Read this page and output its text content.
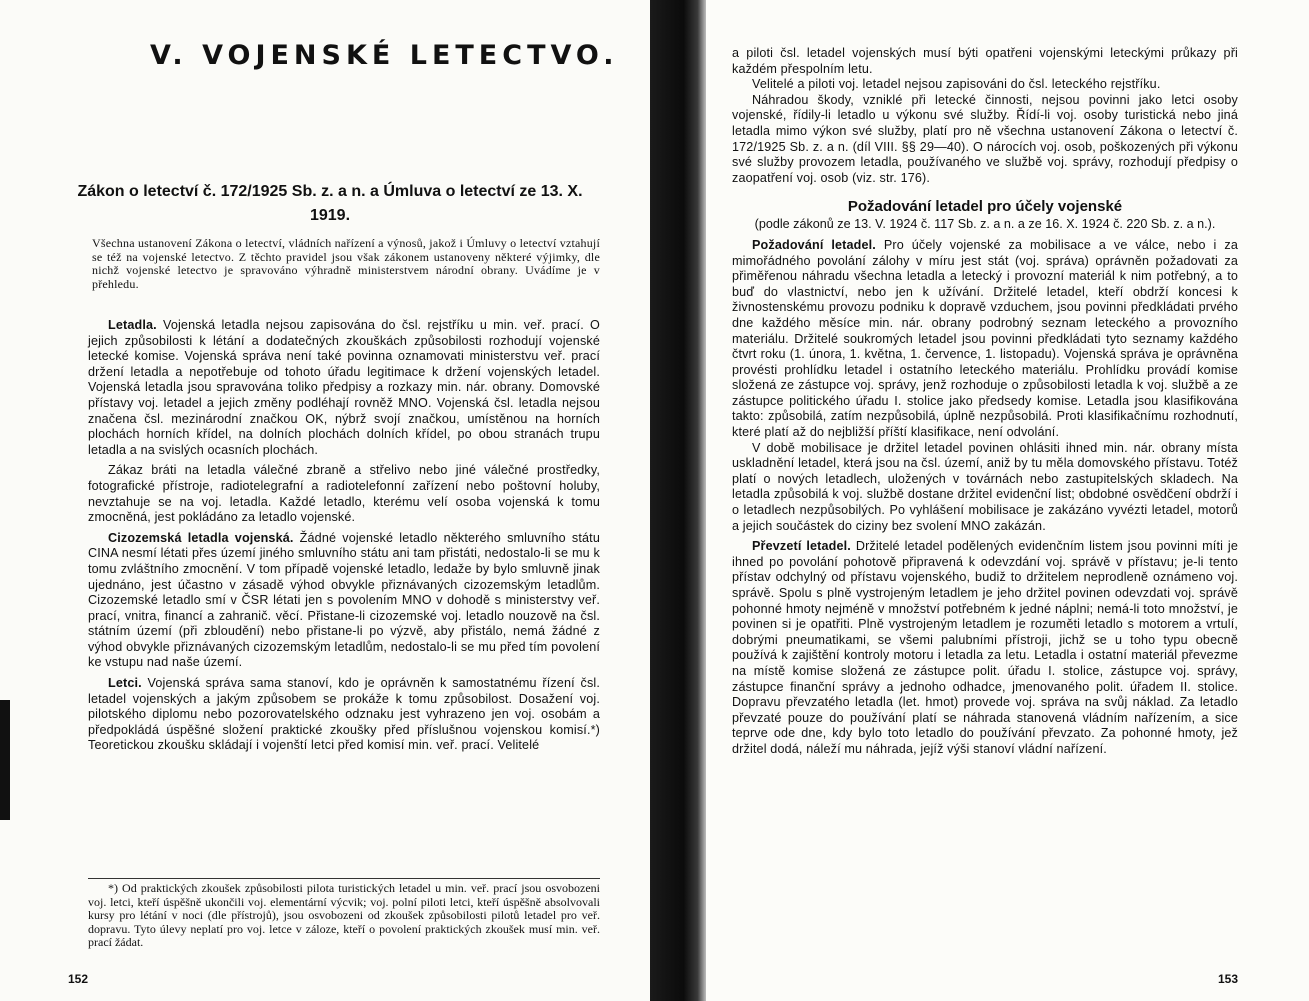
V. VOJENSKÉ LETECTVO.
Zákon o letectví č. 172/1925 Sb. z. a n. a Úmluva o letectví ze 13. X. 1919.
Všechna ustanovení Zákona o letectví, vládních nařízení a výnosů, jakož i Úmluvy o letectví vztahují se též na vojenské letectvo. Z těchto pravidel jsou však zákonem ustanoveny některé výjimky, dle nichž vojenské letectvo je spravováno výhradně ministerstvem národní obrany. Uvádíme je v přehledu.

Letadla. Vojenská letadla nejsou zapisována do čsl. rejstříku u min. veř. prací. O jejich způsobilosti k létání a dodatečných zkouškách způsobilosti rozhodují vojenské letecké komise. Vojenská správa není také povinna oznamovati ministerstvu veř. prací držení letadla a nepotřebuje od tohoto úřadu legitimace k držení vojenských letadel. Vojenská letadla jsou spravována toliko předpisy a rozkazy min. nár. obrany. Domovské přístavy voj. letadel a jejich změny podléhají rovněž MNO. Vojenská čsl. letadla nejsou značena čsl. mezinárodní značkou OK, nýbrž svojí značkou, umístěnou na horních plochách horních křídel, na dolních plochách dolních křídel, po obou stranách trupu letadla a na svislých ocasních plochách.

Zákaz bráti na letadla válečné zbraně a střelivo nebo jiné válečné prostředky, fotografické přístroje, radiotelegrafní a radiotelefonní zařízení nebo poštovní holuby, nevztahuje se na voj. letadla. Každé letadlo, kterému velí osoba vojenská k tomu zmocněná, jest pokládáno za letadlo vojenské.

Cizozemská letadla vojenská. Žádné vojenské letadlo některého smluvního státu CINA nesmí létati přes území jiného smluvního státu ani tam přistáti, nedostalo-li se mu k tomu zvláštního zmocnění. V tom případě vojenské letadlo, ledaže by bylo smluvně jinak ujednáno, jest účastno v zásadě výhod obvykle přiznávaných cizozemským letadlům. Cizozemské letadlo smí v ČSR létati jen s povolením MNO v dohodě s ministerstvy veř. prací, vnitra, financí a zahranič. věcí. Přistane-li cizozemské voj. letadlo nouzově na čsl. státním území (při zbloudění) nebo přistane-li po výzvě, aby přistálo, nemá žádné z výhod obvykle přiznávaných cizozemským letadlům, nedostalo-li se mu před tím povolení ke vstupu nad naše území.

Letci. Vojenská správa sama stanoví, kdo je oprávněn k samostatnému řízení čsl. letadel vojenských a jakým způsobem se prokáže k tomu způsobilost. Dosažení voj. pilotského diplomu nebo pozorovatelského odznaku jest vyhrazeno jen voj. osobám a předpokládá úspěšné složení praktické zkoušky před příslušnou vojenskou komisí.*) Teoretickou zkoušku skládají i vojenští letci před komisí min. veř. prací. Velitelé

*) Od praktických zkoušek způsobilosti pilota turistických letadel u min. veř. prací jsou osvobozeni voj. letci, kteří úspěšně ukončili voj. elementární výcvik; voj. polní piloti letci, kteří úspěšně absolvovali kursy pro létání v noci (dle přístrojů), jsou osvobozeni od zkoušek způsobilosti pilotů letadel pro veř. dopravu. Tyto úlevy neplatí pro voj. letce v záloze, kteří o povolení praktických zkoušek musí min. veř. prací žádat.

152

a piloti čsl. letadel vojenských musí býti opatřeni vojenskými leteckými průkazy při každém přespolním letu.

Velitelé a piloti voj. letadel nejsou zapisováni do čsl. leteckého rejstříku.

Náhradou škody, vzniklé při letecké činnosti, nejsou povinni jako letci osoby vojenské, řídily-li letadlo u výkonu své služby. Řídí-li voj. osoby turistická nebo jiná letadla mimo výkon své služby, platí pro ně všechna ustanovení Zákona o letectví č. 172/1925 Sb. z. a n. (díl VIII. §§ 29—40). O nárocích voj. osob, poškozených při výkonu své služby provozem letadla, používaného ve službě voj. správy, rozhodují předpisy o zaopatření voj. osob (viz. str. 176).

Požadování letadel pro účely vojenské
(podle zákonů ze 13. V. 1924 č. 117 Sb. z. a n. a ze 16. X. 1924 č. 220 Sb. z. a n.).

Požadování letadel. Pro účely vojenské za mobilisace a ve válce, nebo i za mimořádného povolání zálohy v míru jest stát (voj. správa) oprávněn požadovati za přiměřenou náhradu všechna letadla a letecký i provozní materiál k nim potřebný, a to buď do vlastnictví, nebo jen k užívání. Držitelé letadel, kteří obdrží koncesi k živnostenskému provozu podniku k dopravě vzduchem, jsou povinni předkládati prvého dne každého měsíce min. nár. obrany podrobný seznam leteckého a provozního materiálu. Držitelé soukromých letadel jsou povinni předkládati tyto seznamy každého čtvrt roku (1. února, 1. května, 1. července, 1. listopadu). Vojenská správa je oprávněna provésti prohlídku letadel i ostatního leteckého materiálu. Prohlídku provádí komise složená ze zástupce voj. správy, jenž rozhoduje o způsobilosti letadla k voj. službě a ze zástupce politického úřadu I. stolice jako předsedy komise. Letadla jsou klasifikována takto: způsobilá, zatím nezpůsobilá, úplně nezpůsobilá. Proti klasifikačnímu rozhodnutí, které platí až do nejbližší příští klasifikace, není odvolání.

V době mobilisace je držitel letadel povinen ohlásiti ihned min. nár. obrany místa uskladnění letadel, která jsou na čsl. území, aniž by tu měla domovského přístavu. Totéž platí o nových letadlech, uložených v továrnách nebo zastupitelských skladech. Na letadla způsobilá k voj. službě dostane držitel evidenční list; obdobné osvědčení obdrží i o letadlech nezpůsobilých. Po vyhlášení mobilisace je zakázáno vyvézti letadel, motorů a jejich součástek do ciziny bez svolení MNO zakázán.

Převzetí letadel. Držitelé letadel podělených evidenčním listem jsou povinni míti je ihned po povolání pohotově připravená k odevzdání voj. správě v přístavu; je-li tento přístav odchylný od přístavu vojenského, budiž to držitelem neprodleně oznámeno voj. správě. Spolu s plně vystrojeným letadlem je jeho držitel povinen odevzdati voj. správě pohonné hmoty nejméně v množství potřebném k jedné náplni; nemá-li toto množství, je povinen si je opatřiti. Plně vystrojeným letadlem je rozuměti letadlo s motorem a vrtulí, dobrými pneumatikami, se všemi palubními přístroji, jichž se u toho typu obecně používá k zajištění kontroly motoru i letadla za letu. Letadla i ostatní materiál převezme na místě komise složená ze zástupce polit. úřadu I. stolice, zástupce voj. správy, zástupce finanční správy a jednoho odhadce, jmenovaného polit. úřadem II. stolice. Dopravu převzatého letadla (let. hmot) provede voj. správa na svůj náklad. Za letadlo převzaté pouze do používání platí se náhrada stanovená vládním nařízením, a sice teprve ode dne, kdy bylo toto letadlo do používání převzato. Za pohonné hmoty, jež držitel dodá, náleží mu náhrada, jejíž výši stanoví vládní nařízení.

153
